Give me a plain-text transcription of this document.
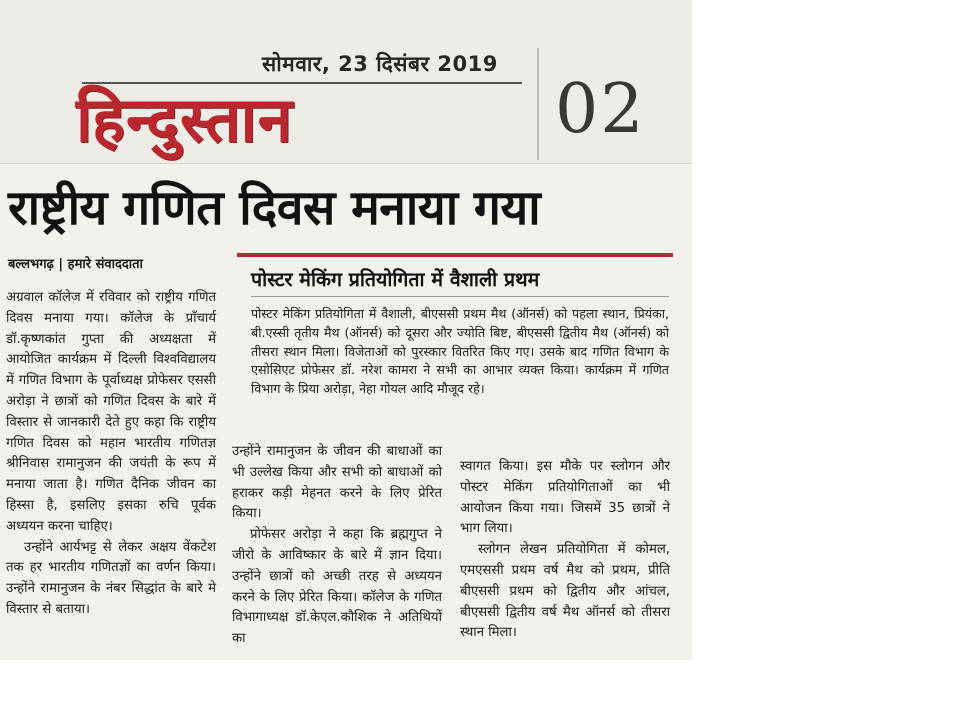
सोमवार, 23 दिसंबर 2019
हिन्दुस्तान	02
राष्ट्रीय गणित दिवस मनाया गया
बल्लभगढ़ | हमारे संवाददाता

अग्रवाल कॉलेज में रविवार को राष्ट्रीय गणित दिवस मनाया गया। कॉलेज के प्राँचार्य डॉ.कृष्णकांत गुप्ता की अध्यक्षता में आयोजित कार्यक्रम में दिल्ली विश्वविद्यालय में गणित विभाग के पूर्वाध्यक्ष प्रोफेसर एससी अरोड़ा ने छात्रों को गणित दिवस के बारे में विस्तार से जानकारी देते हुए कहा कि राष्ट्रीय गणित दिवस को महान भारतीय गणितज्ञ श्रीनिवास रामानुजन की जयंती के रूप में मनाया जाता है। गणित दैनिक जीवन का हिस्सा है, इसलिए इसका रुचि पूर्वक अध्ययन करना चाहिए।

उन्होंने आर्यभट्ट से लेकर अक्षय वेंकटेश तक हर भारतीय गणितज्ञों का वर्णन किया। उन्होंने रामानुजन के नंबर सिद्धांत के बारे मे विस्तार से बताया।

पोस्टर मेकिंग प्रतियोगिता में वैशाली प्रथम
पोस्टर मेकिंग प्रतियोगिता में वैशाली, बीएससी प्रथम मैथ (ऑनर्स) को पहला स्थान, प्रियंका, बी.एस्सी तृतीय मैथ (ऑनर्स) को दूसरा और ज्योति बिष्ट, बीएससी द्वितीय मैथ (ऑनर्स) को तीसरा स्थान मिला। विजेताओं को पुरस्कार वितरित किए गए। उसके बाद गणित विभाग के एसोसिएट प्रोफेसर डॉ. नरेश कामरा ने सभी का आभार व्यक्त किया। कार्यक्रम में गणित विभाग के प्रिया अरोड़ा, नेहा गोयल आदि मौजूद रहे।

उन्होंने रामानुजन के जीवन की बाधाओं का भी उल्लेख किया और सभी को बाधाओं को हराकर कड़ी मेहनत करने के लिए प्रेरित किया।

प्रोफेसर अरोड़ा ने कहा कि ब्रह्मगुप्त ने जीरो के आविष्कार के बारे में ज्ञान दिया। उन्होंने छात्रों को अच्छी तरह से अध्ययन करने के लिए प्रेरित किया। कॉलेज के गणित विभागाध्यक्ष डॉ.केएल.कौशिक ने अतिथियों का

स्वागत किया। इस मौके पर स्लोगन और पोस्टर मेकिंग प्रतियोगिताओं का भी आयोजन किया गया। जिसमें 35 छात्रों ने भाग लिया।

स्लोगन लेखन प्रतियोगिता में कोमल, एमएससी प्रथम वर्ष मैथ को प्रथम, प्रीति बीएससी प्रथम को द्वितीय और आंचल, बीएससी द्वितीय वर्ष मैथ ऑनर्स को तीसरा स्थान मिला।
